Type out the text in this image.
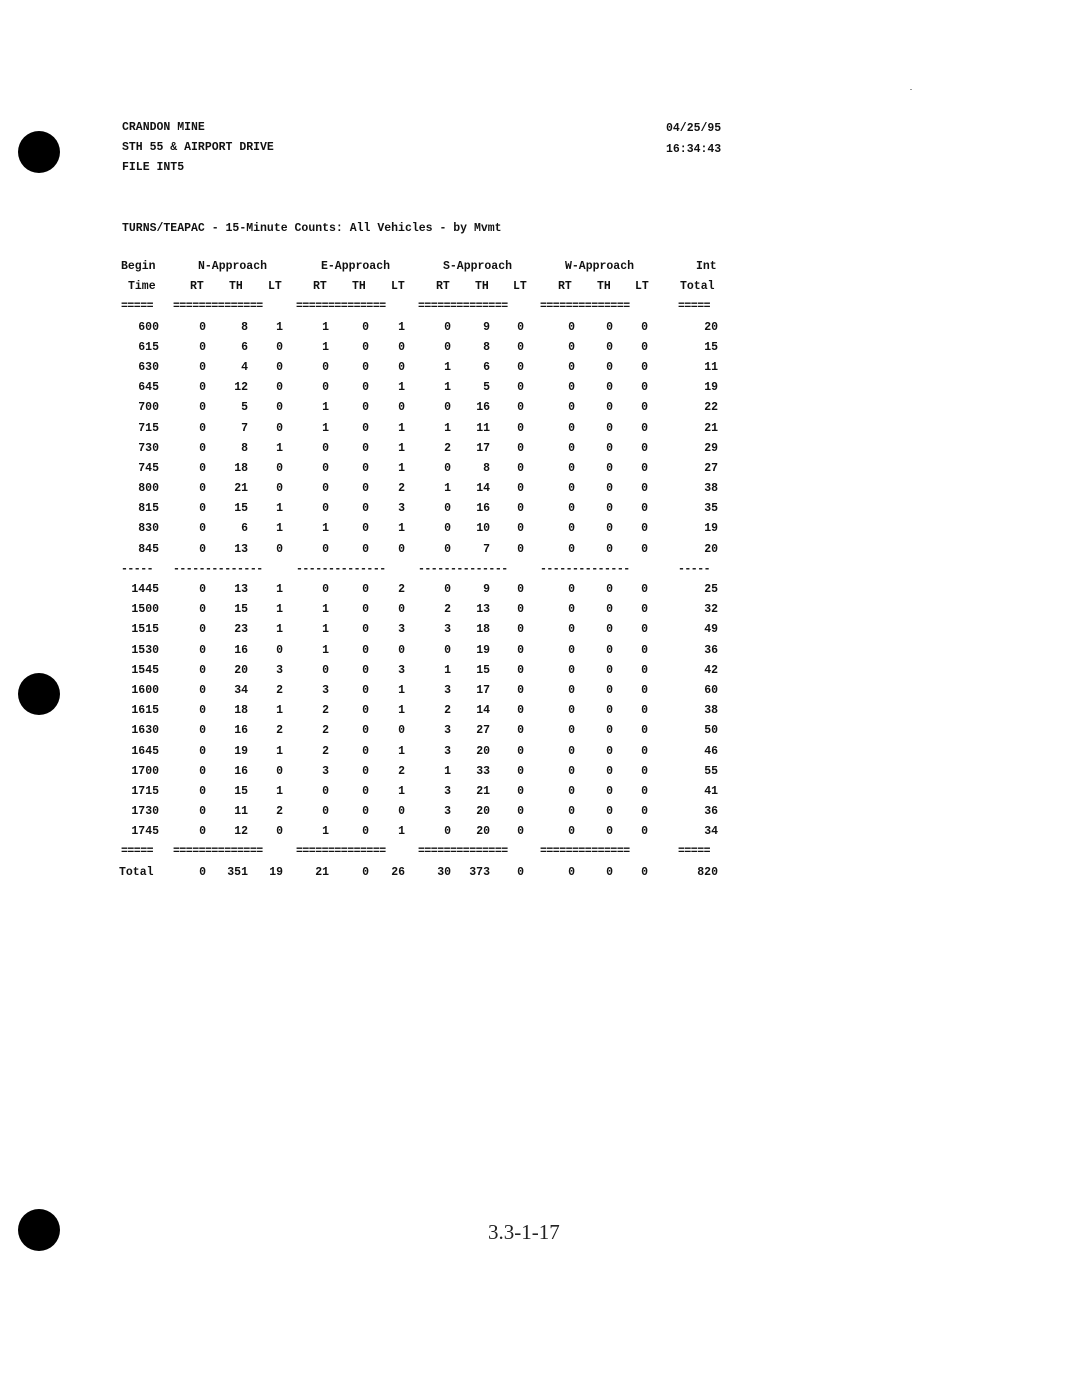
CRANDON MINE
STH 55 & AIRPORT DRIVE
FILE INT5
04/25/95
16:34:43
TURNS/TEAPAC - 15-Minute Counts: All Vehicles - by Mvmt
Begin	N-Approach	E-Approach	S-Approach	W-Approach	Int
Time	RT TH LT	RT TH LT	RT TH LT	RT TH LT	Total
===== ==============	==============	==============	==============	=====
600	0	8	1	1	0	1	0	9	0	0	0	0	20
615	0	6	0	1	0	0	0	8	0	0	0	0	15
630	0	4	0	0	0	0	1	6	0	0	0	0	11
645	0	12	0	0	0	1	1	5	0	0	0	0	19
700	0	5	0	1	0	0	0	16	0	0	0	0	22
715	0	7	0	1	0	1	1	11	0	0	0	0	21
730	0	8	1	0	0	1	2	17	0	0	0	0	29
745	0	18	0	0	0	1	0	8	0	0	0	0	27
800	0	21	0	0	0	2	1	14	0	0	0	0	38
815	0	15	1	0	0	3	0	16	0	0	0	0	35
830	0	6	1	1	0	1	0	10	0	0	0	0	19
845	0	13	0	0	0	0	0	7	0	0	0	0	20
----- --------------	--------------	--------------	--------------	-----
1445	0	13	1	0	0	2	0	9	0	0	0	0	25
1500	0	15	1	1	0	0	2	13	0	0	0	0	32
1515	0	23	1	1	0	3	3	18	0	0	0	0	49
1530	0	16	0	1	0	0	0	19	0	0	0	0	36
1545	0	20	3	0	0	3	1	15	0	0	0	0	42
1600	0	34	2	3	0	1	3	17	0	0	0	0	60
1615	0	18	1	2	0	1	2	14	0	0	0	0	38
1630	0	16	2	2	0	0	3	27	0	0	0	0	50
1645	0	19	1	2	0	1	3	20	0	0	0	0	46
1700	0	16	0	3	0	2	1	33	0	0	0	0	55
1715	0	15	1	0	0	1	3	21	0	0	0	0	41
1730	0	11	2	0	0	0	3	20	0	0	0	0	36
1745	0	12	0	1	0	1	0	20	0	0	0	0	34
===== ==============	==============	==============	==============	=====
Total	0	351	19	21	0	26	30	373	0	0	0	0	820
3.3-1-17
